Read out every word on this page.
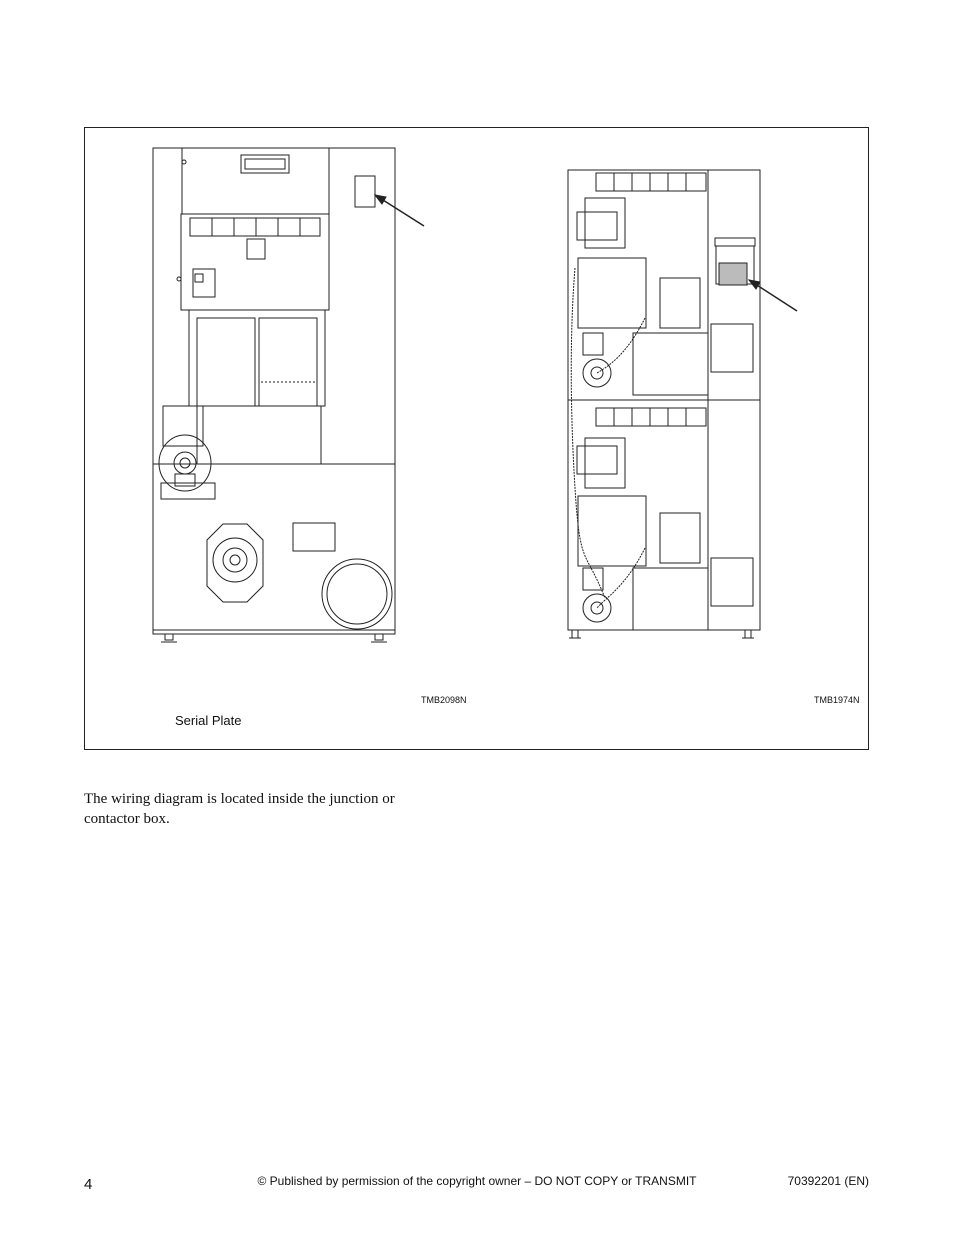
TMB2098N	TMB1974N
Serial Plate

The wiring diagram is located inside the junction or contactor box.

4	© Published by permission of the copyright owner – DO NOT COPY or TRANSMIT	70392201 (EN)
